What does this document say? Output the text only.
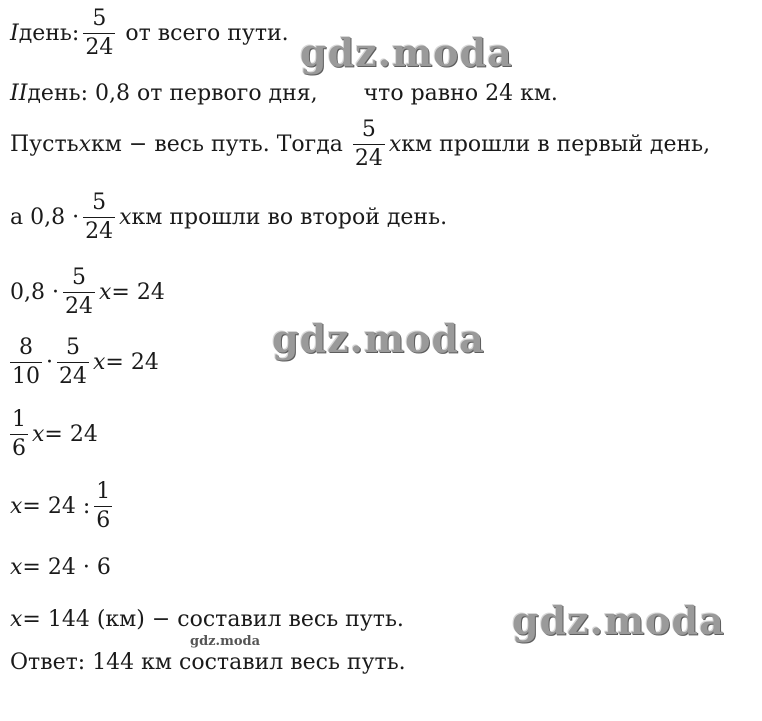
I день: $\frac{5}{24}$ от всего пути.
II день: 0,8 от первого дня, что равно 24 км.
Пусть x км − весь путь. Тогда $\frac{5}{24}$ x км прошли в первый день,
а $0,8 \cdot \frac{5}{24}$ x км прошли во второй день.
$0,8 \cdot \frac{5}{24}$ x = 24
$\frac{8}{10} \cdot \frac{5}{24}$ x = 24
$\frac{1}{6}$ x = 24
x = 24 : $\frac{1}{6}$
x = 24 · 6
x = 144 (км) − составил весь путь.
Ответ: 144 км составил весь путь.
gdz.moda
gdz.moda
gdz.moda
gdz.moda
